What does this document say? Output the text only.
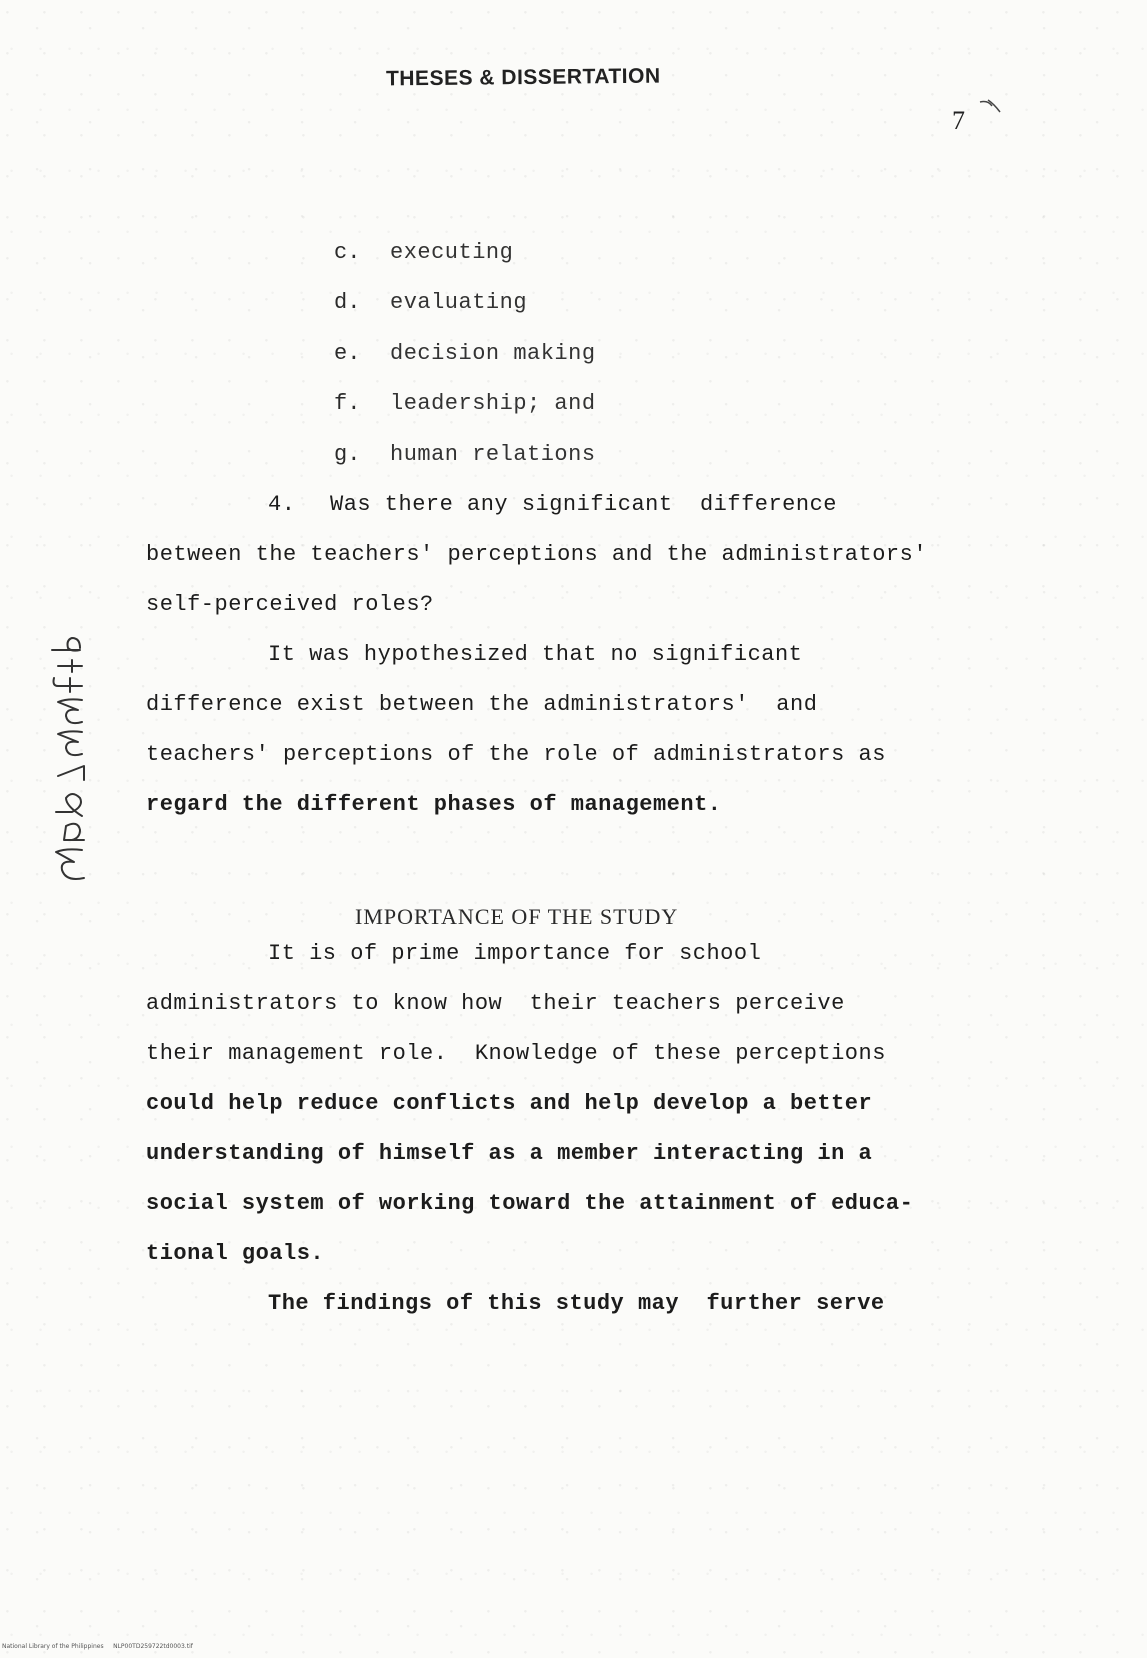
THESES & DISSERTATION
7
c. executing
d. evaluating
e. decision making
f. leadership; and
g. human relations
4. Was there any significant  difference
between the teachers' perceptions and the administrators'
self-perceived roles?
It was hypothesized that no significant
difference exist between the administrators'  and
teachers' perceptions of the role of administrators as
regard the different phases of management.
IMPORTANCE OF THE STUDY
It is of prime importance for school
administrators to know how  their teachers perceive
their management role.  Knowledge of these perceptions
could help reduce conflicts and help develop a better
understanding of himself as a member interacting in a
social system of working toward the attainment of educa-
tional goals.
The findings of this study may  further serve
National Library of the Philippines     NLP00TD259722td0003.tif
